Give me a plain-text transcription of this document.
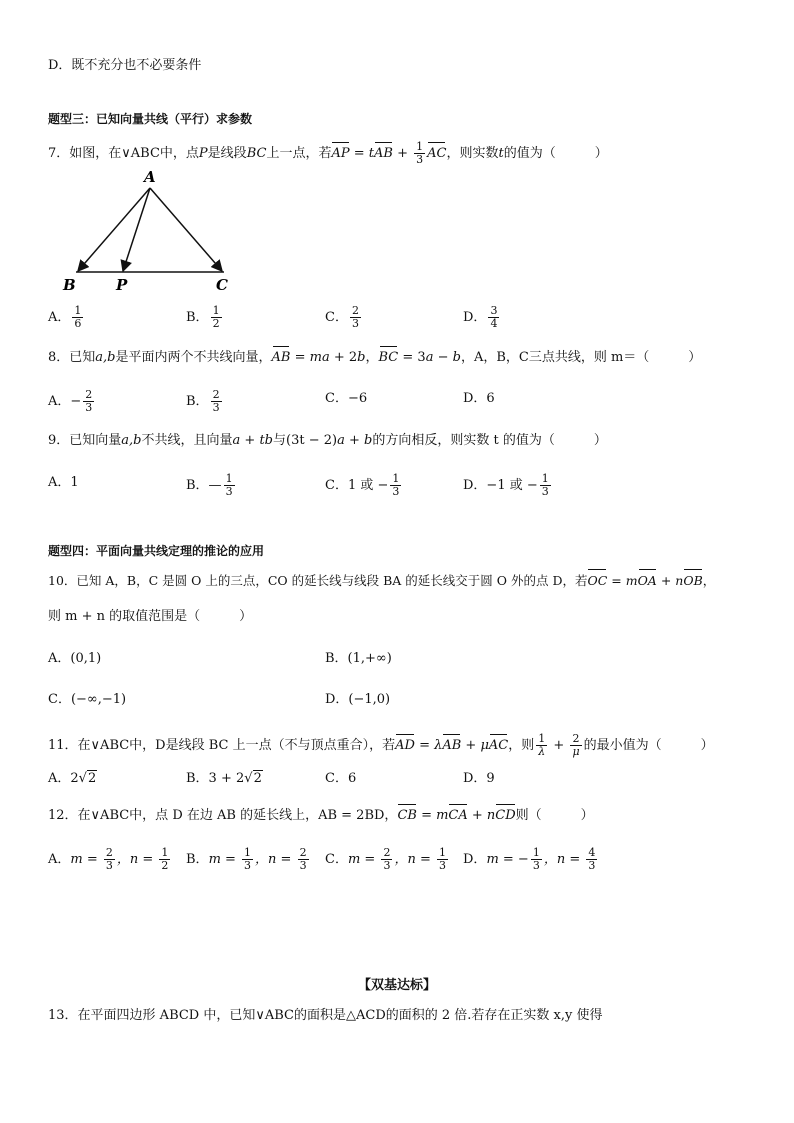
D．既不充分也不必要条件
题型三：已知向量共线（平行）求参数
7．如图，在∨ABC中，点P是线段BC上一点，若AP = tAB + $\frac{1}{3}$ AC，则实数t的值为（　　　）
A
B	P	C
A． $\frac{1}{6}$	B． $\frac{1}{2}$	C． $\frac{2}{3}$	D． $\frac{3}{4}$
8．已知a,b是平面内两个不共线向量，AB = ma + 2b，BC = 3a − b，A，B，C三点共线，则 m＝（　　　）
A．− $\frac{2}{3}$	B． $\frac{2}{3}$	C．−6	D．6
9．已知向量a,b不共线，且向量a + tb与(3t − 2)a + b的方向相反，则实数 t 的值为（　　　）
A．1	B．— $\frac{1}{3}$	C．1 或 − $\frac{1}{3}$	D．−1 或 − $\frac{1}{3}$
题型四：平面向量共线定理的推论的应用
10．已知 A，B，C 是圆 O 上的三点，CO 的延长线与线段 BA 的延长线交于圆 O 外的点 D，若OC = mOA + nOB，
则 m + n 的取值范围是（　　　）
A．(0,1)	B．(1,+∞)
C．(−∞,−1)	D．(−1,0)
11．在∨ABC中，D是线段 BC 上一点（不与顶点重合），若AD = λAB + μAC，则 $\frac{1}{\lambda} + \frac{2}{\mu}$ 的最小值为（　　　）
A．2√2	B．3 + 2√2	C．6	D．9
12．在∨ABC中，点 D 在边 AB 的延长线上，AB = 2BD，CB = mCA + nCD则（　　　）
A．$m = \frac{2}{3}$ ，$n = \frac{1}{2}$ B．$m = \frac{1}{3}$ ，$n = \frac{2}{3}$ C．$m = \frac{2}{3}$ ，$n = \frac{1}{3}$ D．m = − $\frac{1}{3}$ ，$n = \frac{4}{3}$
【双基达标】
13．在平面四边形 ABCD 中，已知∨ABC的面积是△ACD的面积的 2 倍.若存在正实数 x,y 使得
